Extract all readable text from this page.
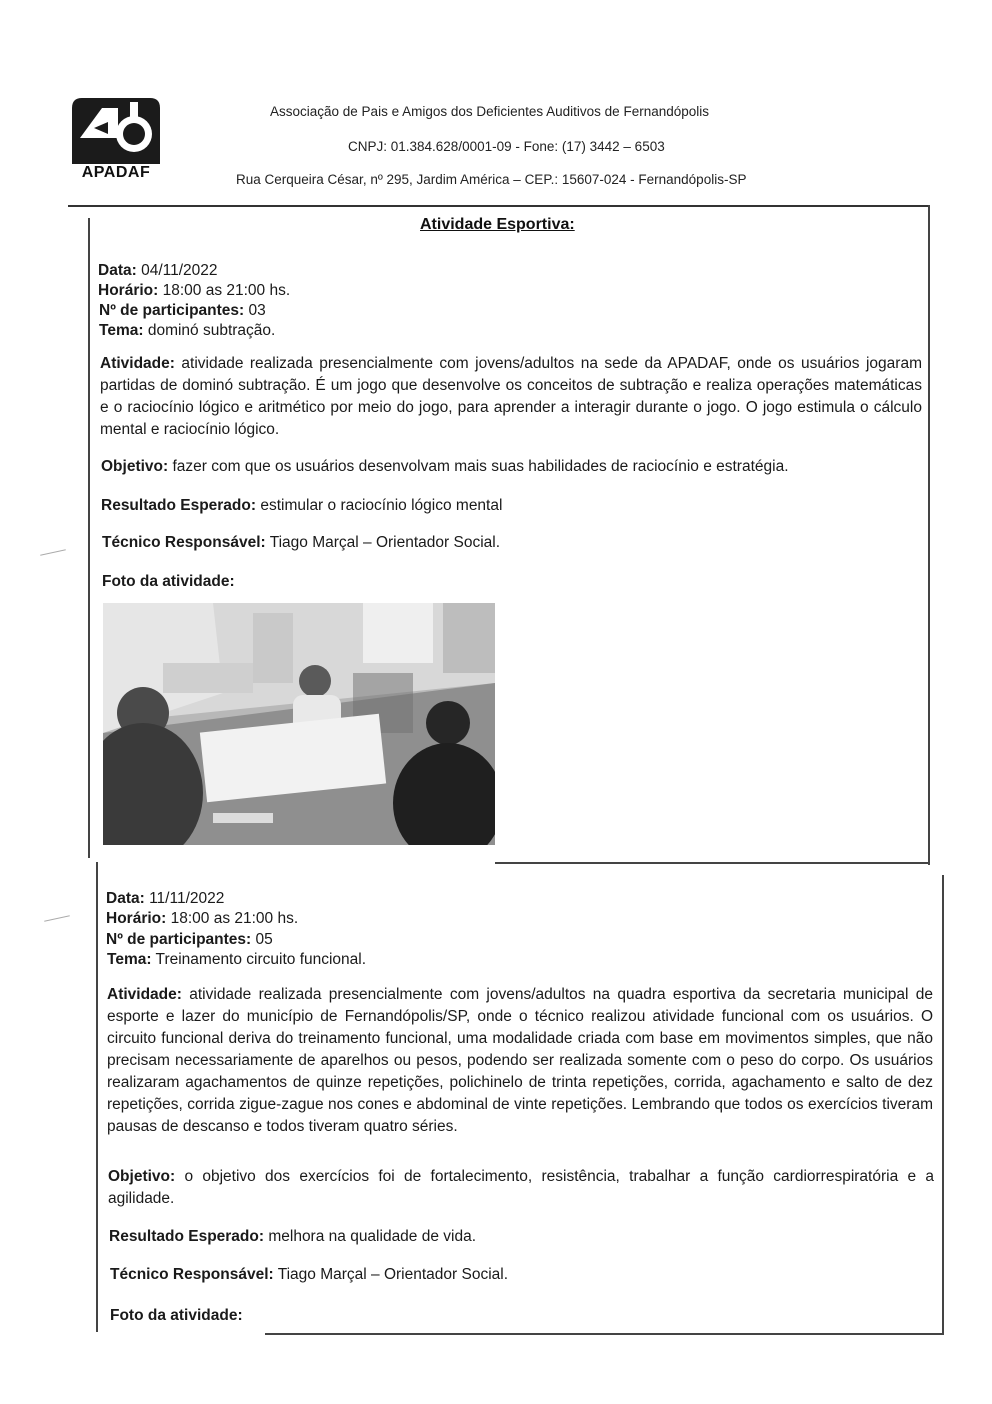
APADAF
Associação de Pais e Amigos dos Deficientes Auditivos de Fernandópolis
CNPJ: 01.384.628/0001-09 - Fone: (17) 3442 – 6503
Rua Cerqueira César, nº 295, Jardim América – CEP.: 15607-024 - Fernandópolis-SP
Atividade Esportiva:
Data: 04/11/2022
Horário: 18:00 as 21:00 hs.
Nº de participantes: 03
Tema: dominó subtração.
Atividade: atividade realizada presencialmente com jovens/adultos na sede da APADAF, onde os usuários jogaram partidas de dominó subtração. É um jogo que desenvolve os conceitos de subtração e realiza operações matemáticas e o raciocínio lógico e aritmético por meio do jogo, para aprender a interagir durante o jogo. O jogo estimula o cálculo mental e raciocínio lógico.
Objetivo: fazer com que os usuários desenvolvam mais suas habilidades de raciocínio e estratégia.
Resultado Esperado: estimular o raciocínio lógico mental
Técnico Responsável: Tiago Marçal – Orientador Social.
Foto da atividade:
Data: 11/11/2022
Horário: 18:00 as 21:00 hs.
Nº de participantes: 05
Tema: Treinamento circuito funcional.
Atividade: atividade realizada presencialmente com jovens/adultos na quadra esportiva da secretaria municipal de esporte e lazer do município de Fernandópolis/SP, onde o técnico realizou atividade funcional com os usuários. O circuito funcional deriva do treinamento funcional, uma modalidade criada com base em movimentos simples, que não precisam necessariamente de aparelhos ou pesos, podendo ser realizada somente com o peso do corpo. Os usuários realizaram agachamentos de quinze repetições, polichinelo de trinta repetições, corrida, agachamento e salto de dez repetições, corrida zigue-zague nos cones e abdominal de vinte repetições. Lembrando que todos os exercícios tiveram pausas de descanso e todos tiveram quatro séries.
Objetivo: o objetivo dos exercícios foi de fortalecimento, resistência, trabalhar a função cardiorrespiratória e a agilidade.
Resultado Esperado: melhora na qualidade de vida.
Técnico Responsável: Tiago Marçal – Orientador Social.
Foto da atividade:
